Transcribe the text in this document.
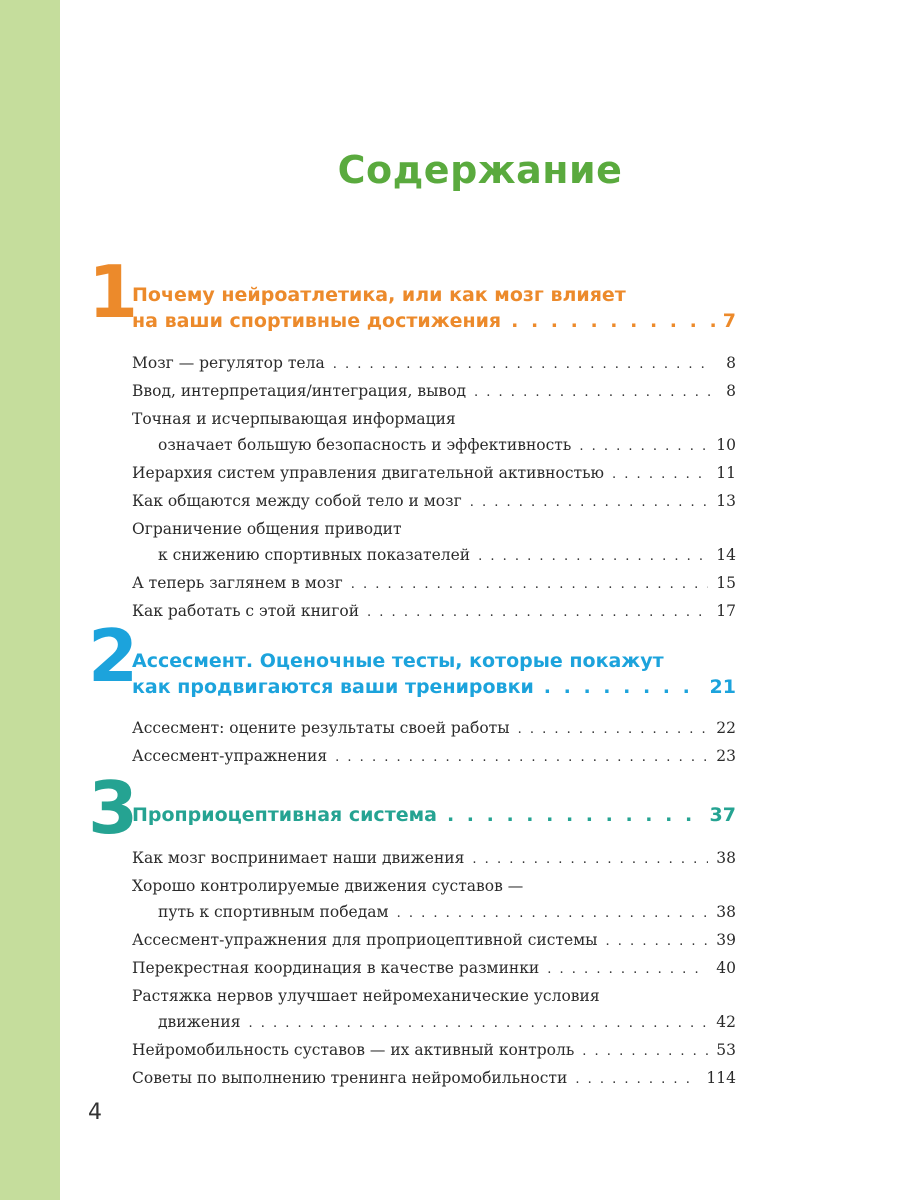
Содержание
1
Почему нейроатлетика, или как мозг влияет
на ваши спортивные достижения . . .	7
Мозг — регулятор тела . . .	8
Ввод, интерпретация/интеграция, вывод . . .	8
Точная и исчерпывающая информация
означает большую безопасность и эффективность . . .	10
Иерархия систем управления двигательной активностью . . .	11
Как общаются между собой тело и мозг . . .	13
Ограничение общения приводит
к снижению спортивных показателей . . .	14
А теперь заглянем в мозг . . .	15
Как работать с этой книгой . . .	17
2
Ассесмент. Оценочные тесты, которые покажут
как продвигаются ваши тренировки . . .	21
Ассесмент: оцените результаты своей работы . . .	22
Ассесмент-упражнения . . .	23
3
Проприоцептивная система . . .	37
Как мозг воспринимает наши движения . . .	38
Хорошо контролируемые движения суставов —
путь к спортивным победам . . .	38
Ассесмент-упражнения для проприоцептивной системы . . .	39
Перекрестная координация в качестве разминки . . .	40
Растяжка нервов улучшает нейромеханические условия
движения . . .	42
Нейромобильность суставов — их активный контроль . . .	53
Советы по выполнению тренинга нейромобильности . . .	114
4
